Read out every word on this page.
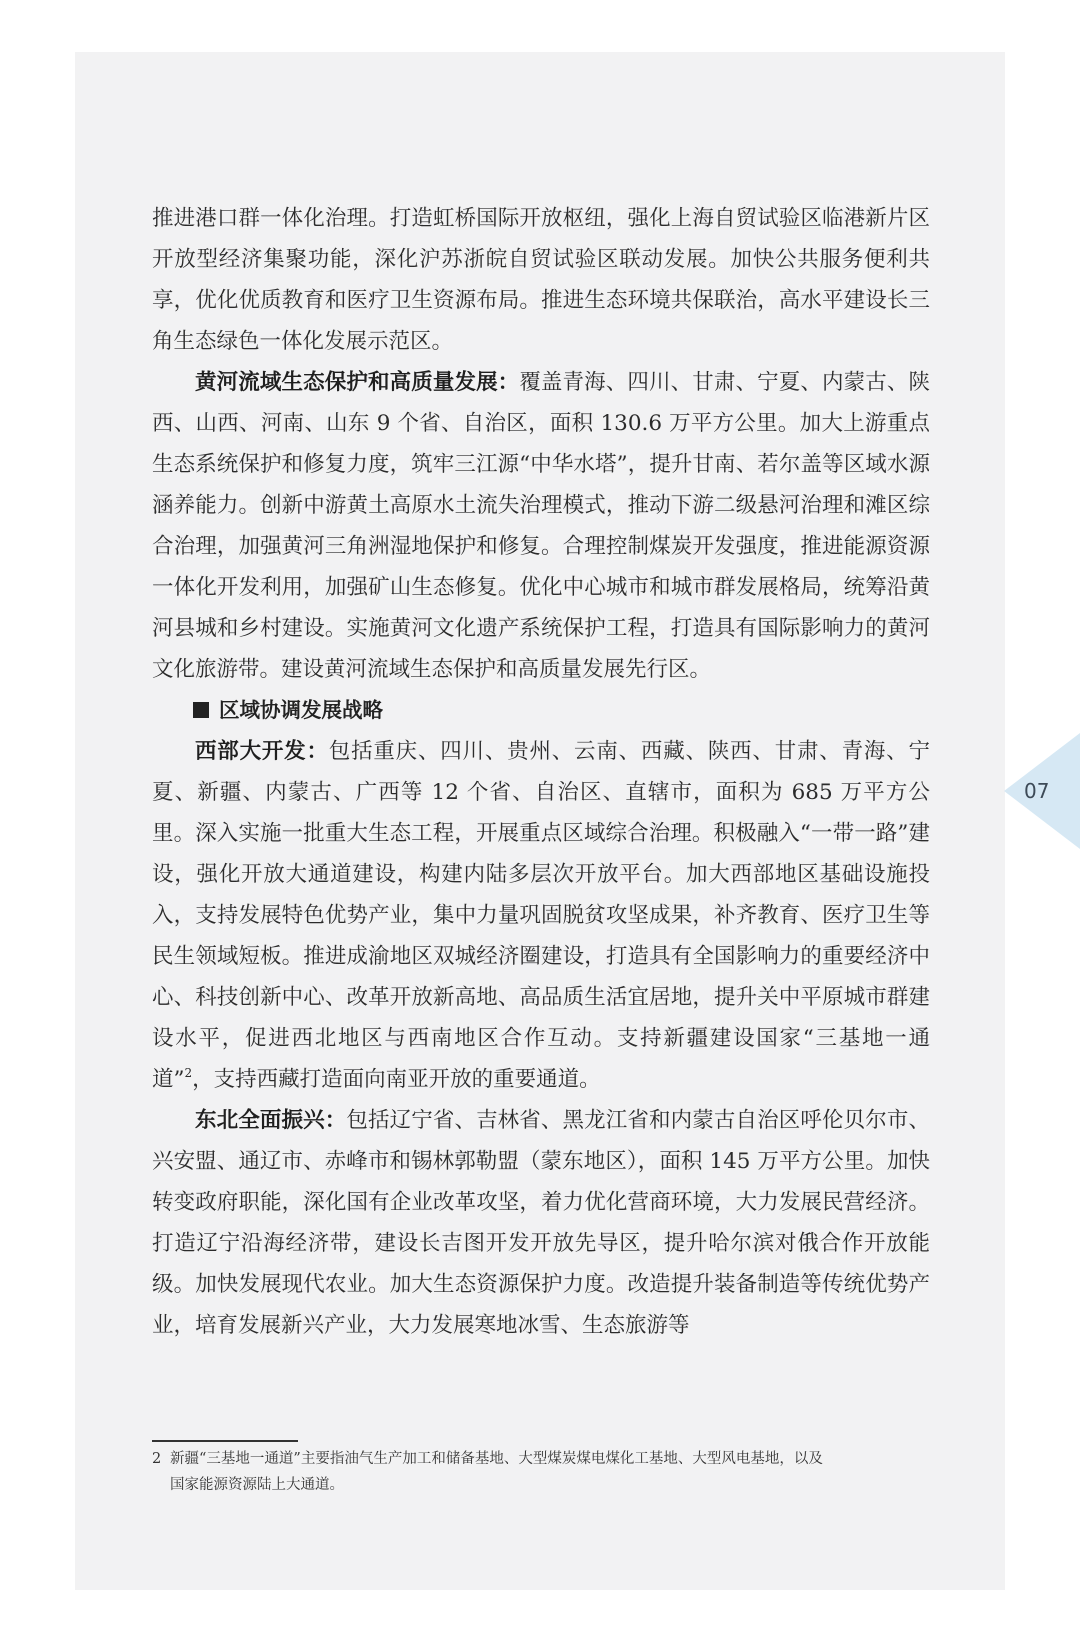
推进港口群一体化治理。打造虹桥国际开放枢纽，强化上海自贸试验区临港新片区开放型经济集聚功能，深化沪苏浙皖自贸试验区联动发展。加快公共服务便利共享，优化优质教育和医疗卫生资源布局。推进生态环境共保联治，高水平建设长三角生态绿色一体化发展示范区。

黄河流域生态保护和高质量发展：覆盖青海、四川、甘肃、宁夏、内蒙古、陕西、山西、河南、山东 9 个省、自治区，面积 130.6 万平方公里。加大上游重点生态系统保护和修复力度，筑牢三江源“中华水塔”，提升甘南、若尔盖等区域水源涵养能力。创新中游黄土高原水土流失治理模式，推动下游二级悬河治理和滩区综合治理，加强黄河三角洲湿地保护和修复。合理控制煤炭开发强度，推进能源资源一体化开发利用，加强矿山生态修复。优化中心城市和城市群发展格局，统筹沿黄河县城和乡村建设。实施黄河文化遗产系统保护工程，打造具有国际影响力的黄河文化旅游带。建设黄河流域生态保护和高质量发展先行区。

区域协调发展战略

西部大开发：包括重庆、四川、贵州、云南、西藏、陕西、甘肃、青海、宁夏、新疆、内蒙古、广西等 12 个省、自治区、直辖市，面积为 685 万平方公里。深入实施一批重大生态工程，开展重点区域综合治理。积极融入“一带一路”建设，强化开放大通道建设，构建内陆多层次开放平台。加大西部地区基础设施投入，支持发展特色优势产业，集中力量巩固脱贫攻坚成果，补齐教育、医疗卫生等民生领域短板。推进成渝地区双城经济圈建设，打造具有全国影响力的重要经济中心、科技创新中心、改革开放新高地、高品质生活宜居地，提升关中平原城市群建设水平，促进西北地区与西南地区合作互动。支持新疆建设国家“三基地一通道”$^2$，支持西藏打造面向南亚开放的重要通道。

东北全面振兴：包括辽宁省、吉林省、黑龙江省和内蒙古自治区呼伦贝尔市、兴安盟、通辽市、赤峰市和锡林郭勒盟（蒙东地区），面积 145 万平方公里。加快转变政府职能，深化国有企业改革攻坚，着力优化营商环境，大力发展民营经济。打造辽宁沿海经济带，建设长吉图开发开放先导区，提升哈尔滨对俄合作开放能级。加快发展现代农业。加大生态资源保护力度。改造提升装备制造等传统优势产业，培育发展新兴产业，大力发展寒地冰雪、生态旅游等

2 新疆“三基地一通道”主要指油气生产加工和储备基地、大型煤炭煤电煤化工基地、大型风电基地，以及
国家能源资源陆上大通道。
07
